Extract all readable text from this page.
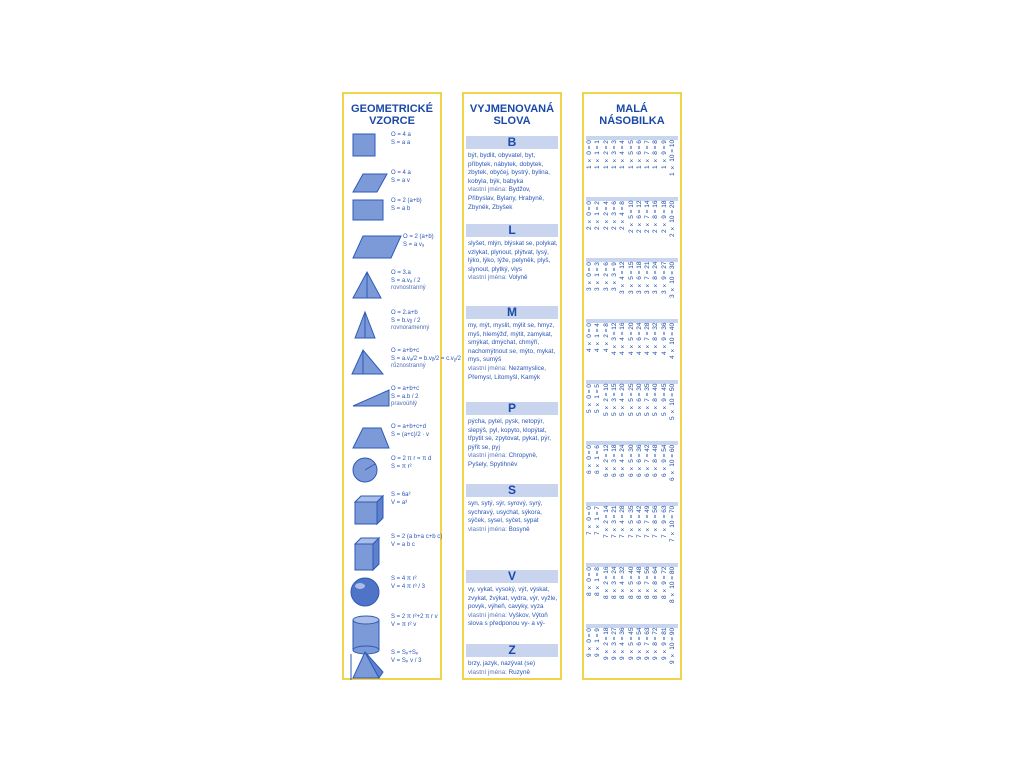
GEOMETRICKÉ
VZORCE
O = 4 a
S = a a
O = 4 a
S = a v
O = 2 (a+b)
S = a b
O = 2 (a+b)
S = a vₐ
O = 3.a
S = a.vₐ / 2
rovnostranný
O = 2.a+b
S = b.vᵦ / 2
rovnoramenný
O = a+b+c
S = a.vₐ/2 = b.vᵦ/2 = c.vᵨ/2
různostranný
O = a+b+c
S = a.b / 2
pravoúhlý
O = a+b+c+d
S = (a+c)/2 · v
O = 2 π r = π d
S = π r²
S = 6a²
V = a³
S = 2 (a b+a c+b c)
V = a b c
S = 4 π r²
V = 4 π r³ / 3
S = 2 π r²+2 π r v
V = π r² v
S = Sₚ+Sₚ
V = Sₚ v / 3
VYJMENOVANÁ
SLOVA
B
být, bydlit, obyvatel, byt, příbytek, nábytek, dobytek, zbytek, obyčej, bystrý, bylina, kobyla, býk, babyka
vlastní jména: Bydžov, Přibyslav, Bylany, Hrabyně, Zbyněk, Zbyšek
L
slyšet, mlýn, blýskat se, polykat, vzlykat, plynout, plýtvat, lysý, lýko, lýko, lýže, pelyněk, plyš, slynout, plytký, vlys
vlastní jména: Volyně
M
my, mýt, myslit, mýlit se, hmyz, myš, hlemýžď, mýtit, zamykat, smýkat, dmýchat, chmýří, nachomýtnout se, mýto, mykat, mys, sumýš
vlastní jména: Nezamyslice, Přemysl, Litomyšl, Kamýk
P
pýcha, pytel, pysk, netopýr, slepýš, pyl, kopyto, klopýtat, třpytit se, zpytovat, pykat, pýr, pýřit se, pyj
vlastní jména: Chropyně, Pyšely, Spytihněv
S
syn, sytý, sýr, syrový, syrý, sychravý, usychat, sýkora, sýček, sysel, syčet, sypat
vlastní jména: Bosyně
V
vy, vykat, vysoký, výt, výskat, zvykat, žvýkat, vydra, výr, vyžle, povyk, výheň, cavyky, vyza
vlastní jména: Vyškov, Výtoň slova s předponou vy- a vý-
Z
brzy, jazyk, nazývat (se)
vlastní jména: Ruzyně
MALÁ
NÁSOBILKA
1 × 0 = 0 1 × 1 = 1 1 × 2 = 2 1 × 3 = 3 1 × 4 = 4 1 × 5 = 5 1 × 6 = 6 1 × 7 = 7 1 × 8 = 8 1 × 9 = 9 1 × 10 = 10
2 × 0 = 0 2 × 1 = 2 2 × 2 = 4 2 × 3 = 6 2 × 4 = 8 2 × 5 = 10 2 × 6 = 12 2 × 7 = 14 2 × 8 = 16 2 × 9 = 18 2 × 10 = 20
3 × 0 = 0 3 × 1 = 3 3 × 2 = 6 3 × 3 = 9 3 × 4 = 12 3 × 5 = 15 3 × 6 = 18 3 × 7 = 21 3 × 8 = 24 3 × 9 = 27 3 × 10 = 30
4 × 0 = 0 4 × 1 = 4 4 × 2 = 8 4 × 3 = 12 4 × 4 = 16 4 × 5 = 20 4 × 6 = 24 4 × 7 = 28 4 × 8 = 32 4 × 9 = 36 4 × 10 = 40
5 × 0 = 0 5 × 1 = 5 5 × 2 = 10 5 × 3 = 15 5 × 4 = 20 5 × 5 = 25 5 × 6 = 30 5 × 7 = 35 5 × 8 = 40 5 × 9 = 45 5 × 10 = 50
6 × 0 = 0 6 × 1 = 6 6 × 2 = 12 6 × 3 = 18 6 × 4 = 24 6 × 5 = 30 6 × 6 = 36 6 × 7 = 42 6 × 8 = 48 6 × 9 = 54 6 × 10 = 60
7 × 0 = 0 7 × 1 = 7 7 × 2 = 14 7 × 3 = 21 7 × 4 = 28 7 × 5 = 35 7 × 6 = 42 7 × 7 = 49 7 × 8 = 56 7 × 9 = 63 7 × 10 = 70
8 × 0 = 0 8 × 1 = 8 8 × 2 = 16 8 × 3 = 24 8 × 4 = 32 8 × 5 = 40 8 × 6 = 48 8 × 7 = 56 8 × 8 = 64 8 × 9 = 72 8 × 10 = 80
9 × 0 = 0 9 × 1 = 9 9 × 2 = 18 9 × 3 = 27 9 × 4 = 36 9 × 5 = 45 9 × 6 = 54 9 × 7 = 63 9 × 8 = 72 9 × 9 = 81 9 × 10 = 90
